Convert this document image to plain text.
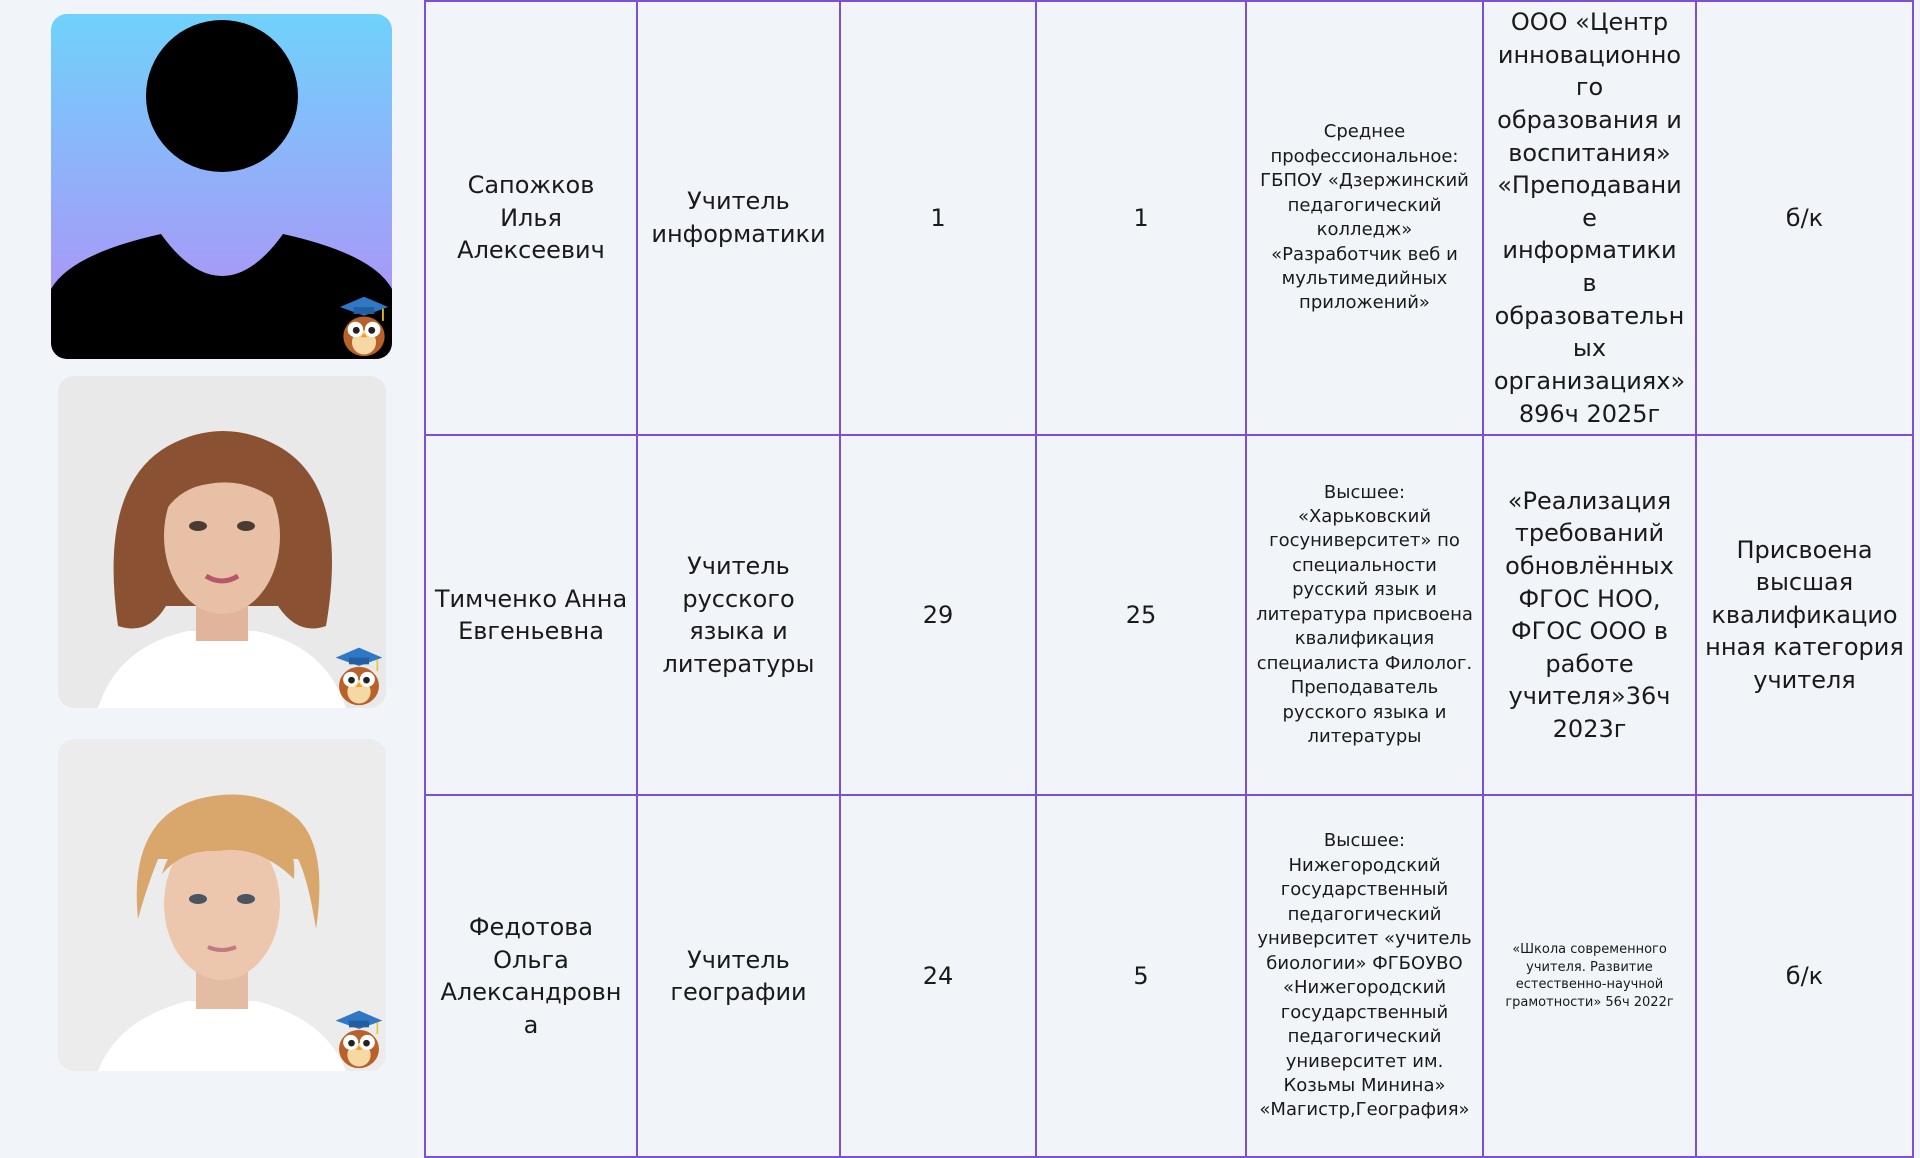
Сапожков Илья Алексеевич	Учитель информатики	1	1	Среднее профессиональное: ГБПОУ «Дзержинский педагогический колледж» «Разработчик веб и мультимедийных приложений»	ООО «Центр инновационного образования и воспитания» «Преподавание информатики в образовательных организациях» 896ч 2025г	б/к
Тимченко Анна Евгеньевна	Учитель русского языка и литературы	29	25	Высшее: «Харьковский госуниверситет» по специальности русский язык и литература присвоена квалификация специалиста Филолог. Преподаватель русского языка и литературы	«Реализация требований обновлённых ФГОС НОО, ФГОС ООО в работе учителя»36ч 2023г	Присвоена высшая квалификационная категория учителя
Федотова Ольга Александровна	Учитель географии	24	5	Высшее: Нижегородский государственный педагогический университет «учитель биологии» ФГБОУВО «Нижегородский государственный педагогический университет им. Козьмы Минина» «Магистр,География»	«Школа современного учителя. Развитие естественно-научной грамотности» 56ч 2022г	б/к
